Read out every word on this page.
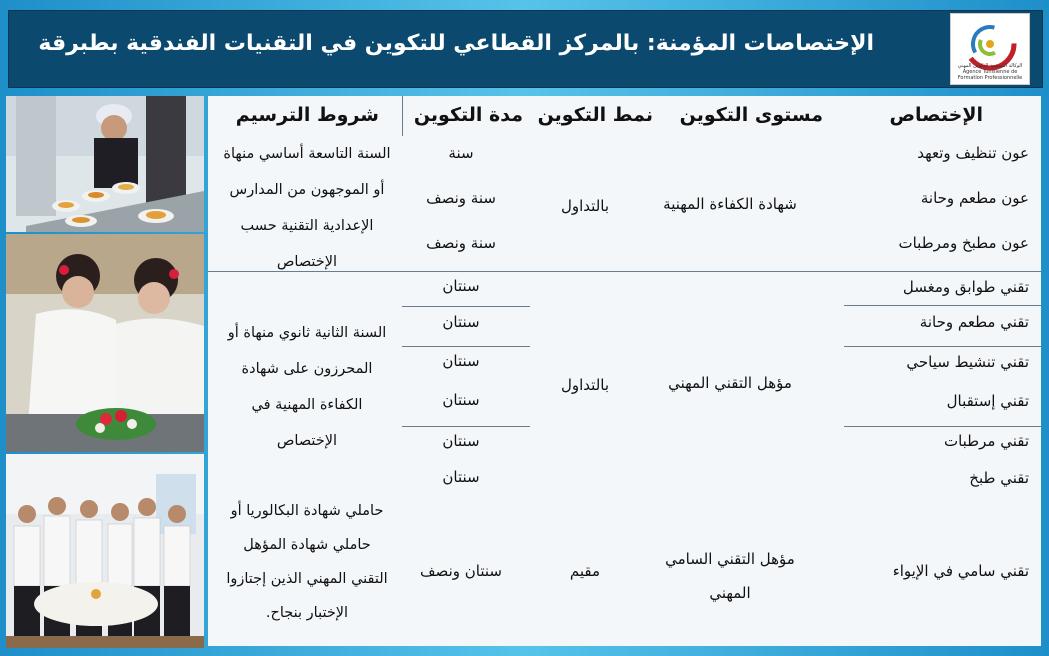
الإختصاصات المؤمنة: بالمركز القطاعي للتكوين في التقنيات الفندقية بطبرقة
الوكالة التونسية للتكوين المهني Agence Tunisienne de Formation Professionnelle
الإختصاص
مستوى التكوين
نمط التكوين
مدة التكوين
شروط الترسيم
عون تنظيف وتعهد
عون مطعم وحانة
عون مطبخ ومرطبات
شهادة الكفاءة المهنية
بالتداول
سنة
سنة ونصف
سنة ونصف
السنة التاسعة أساسي منهاة
أو الموجهون من المدارس
الإعدادية التقنية حسب
الإختصاص
تقني طوابق ومغسل
تقني مطعم وحانة
تقني تنشيط سياحي
تقني إستقبال
تقني مرطبات
تقني طبخ
مؤهل التقني المهني
بالتداول
سنتان
سنتان
سنتان
سنتان
سنتان
سنتان
السنة الثانية ثانوي منهاة أو
المحرزون على شهادة
الكفاءة المهنية في
الإختصاص
تقني سامي في الإيواء
مؤهل التقني السامي
المهني
مقيم
سنتان ونصف
حاملي شهادة البكالوريا أو
حاملي شهادة المؤهل
التقني المهني الذين إجتازوا
الإختبار بنجاح.
